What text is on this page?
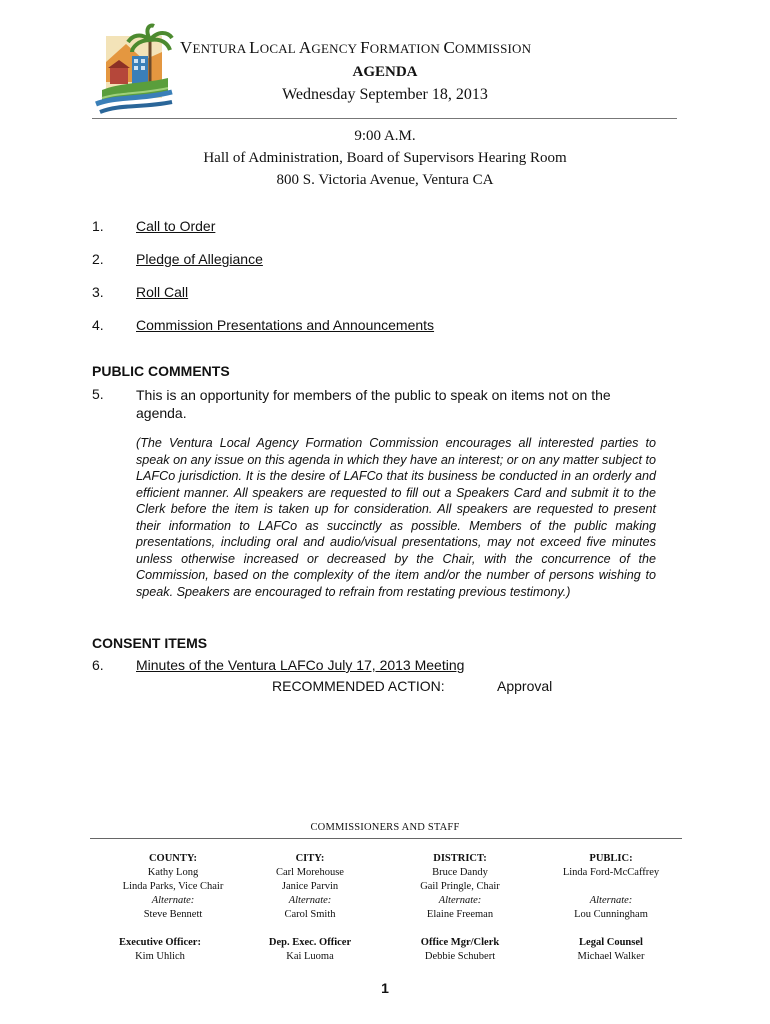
VENTURA LOCAL AGENCY FORMATION COMMISSION
AGENDA
Wednesday September 18, 2013
9:00 A.M.
Hall of Administration, Board of Supervisors Hearing Room
800 S. Victoria Avenue, Ventura CA
1. Call to Order
2. Pledge of Allegiance
3. Roll Call
4. Commission Presentations and Announcements
PUBLIC COMMENTS
5. This is an opportunity for members of the public to speak on items not on the agenda.
(The Ventura Local Agency Formation Commission encourages all interested parties to speak on any issue on this agenda in which they have an interest; or on any matter subject to LAFCo jurisdiction. It is the desire of LAFCo that its business be conducted in an orderly and efficient manner. All speakers are requested to fill out a Speakers Card and submit it to the Clerk before the item is taken up for consideration. All speakers are requested to present their information to LAFCo as succinctly as possible. Members of the public making presentations, including oral and audio/visual presentations, may not exceed five minutes unless otherwise increased or decreased by the Chair, with the concurrence of the Commission, based on the complexity of the item and/or the number of persons wishing to speak. Speakers are encouraged to refrain from restating previous testimony.)
CONSENT ITEMS
6. Minutes of the Ventura LAFCo July 17, 2013 Meeting
RECOMMENDED ACTION:	Approval
COMMISSIONERS AND STAFF
COUNTY:
Kathy Long
Linda Parks, Vice Chair
Alternate:
Steve Bennett
CITY:
Carl Morehouse
Janice Parvin
Alternate:
Carol Smith
DISTRICT:
Bruce Dandy
Gail Pringle, Chair
Alternate:
Elaine Freeman
PUBLIC:
Linda Ford-McCaffrey
Alternate:
Lou Cunningham
Executive Officer:
Kim Uhlich
Dep. Exec. Officer
Kai Luoma
Office Mgr/Clerk
Debbie Schubert
Legal Counsel
Michael Walker
1
